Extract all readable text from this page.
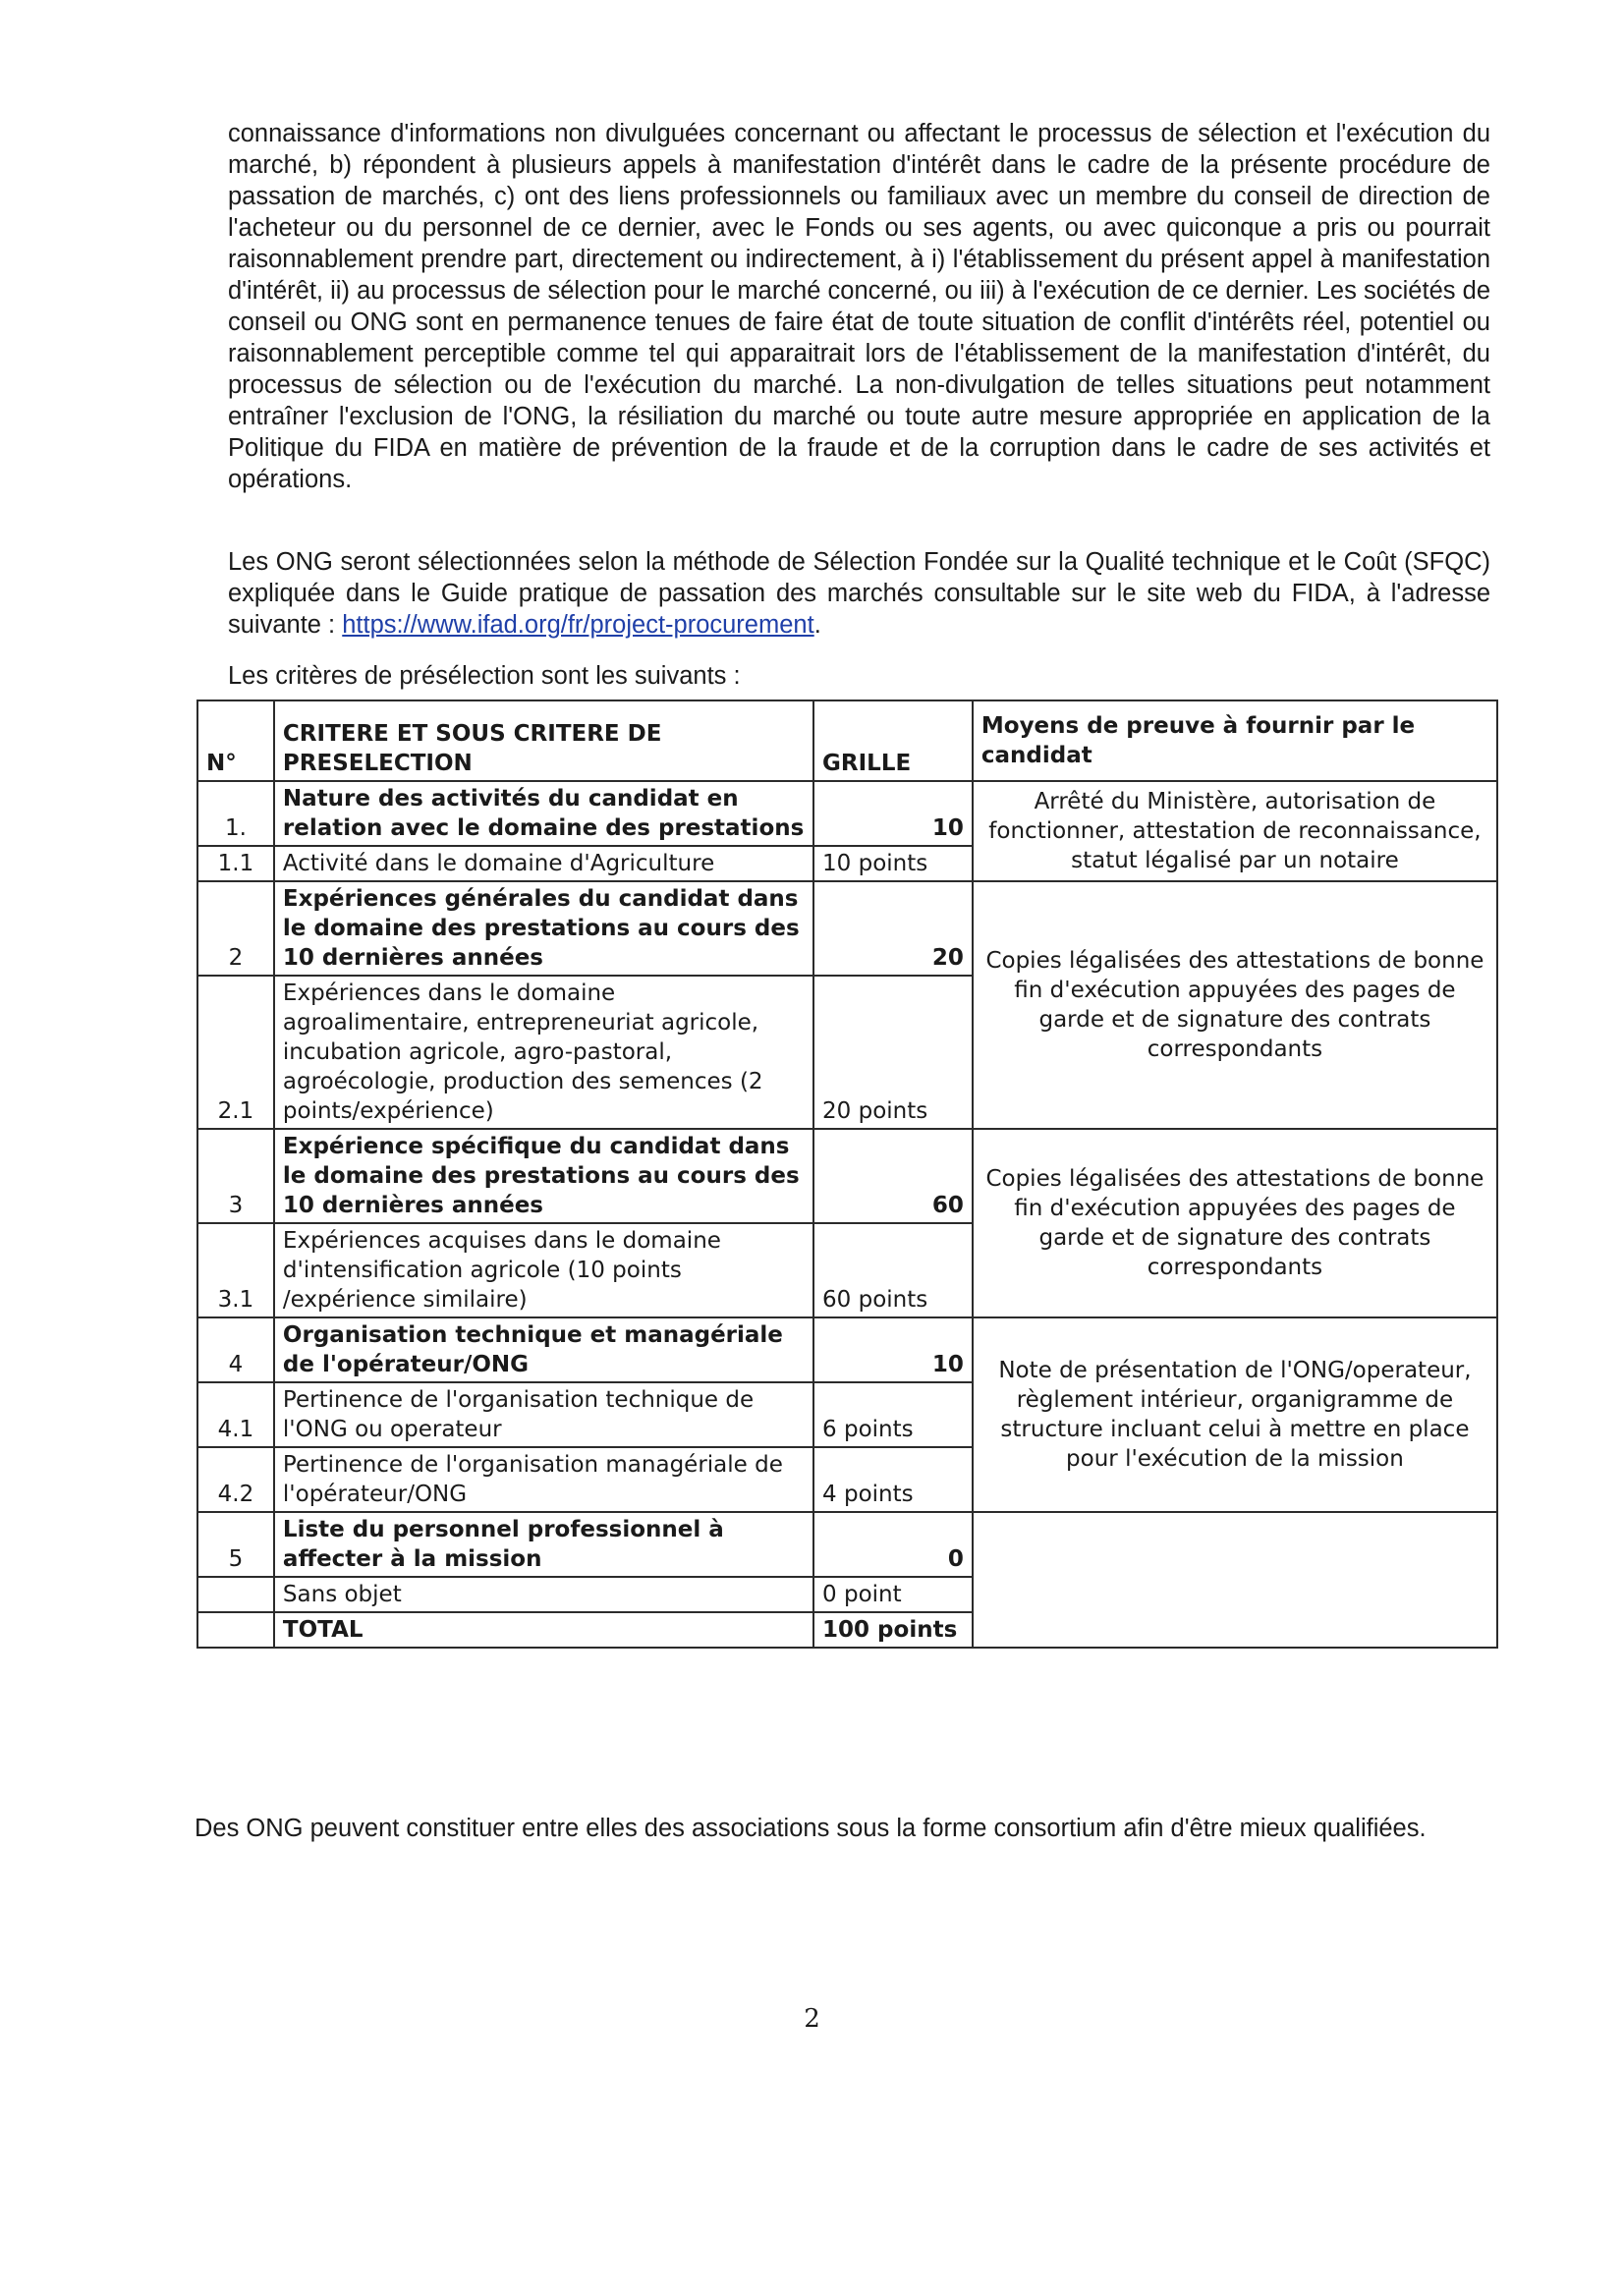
connaissance d'informations non divulguées concernant ou affectant le processus de sélection et l'exécution du marché, b) répondent à plusieurs appels à manifestation d'intérêt dans le cadre de la présente procédure de passation de marchés, c) ont des liens professionnels ou familiaux avec un membre du conseil de direction de l'acheteur ou du personnel de ce dernier, avec le Fonds ou ses agents, ou avec quiconque a pris ou pourrait raisonnablement prendre part, directement ou indirectement, à i) l'établissement du présent appel à manifestation d'intérêt, ii) au processus de sélection pour le marché concerné, ou iii) à l'exécution de ce dernier. Les sociétés de conseil ou ONG sont en permanence tenues de faire état de toute situation de conflit d'intérêts réel, potentiel ou raisonnablement perceptible comme tel qui apparaitrait lors de l'établissement de la manifestation d'intérêt, du processus de sélection ou de l'exécution du marché. La non-divulgation de telles situations peut notamment entraîner l'exclusion de l'ONG, la résiliation du marché ou toute autre mesure appropriée en application de la Politique du FIDA en matière de prévention de la fraude et de la corruption dans le cadre de ses activités et opérations.

Les ONG seront sélectionnées selon la méthode de Sélection Fondée sur la Qualité technique et le Coût (SFQC) expliquée dans le Guide pratique de passation des marchés consultable sur le site web du FIDA, à l'adresse suivante : https://www.ifad.org/fr/project-procurement.

Les critères de présélection sont les suivants :

N°	CRITERE ET SOUS CRITERE DE PRESELECTION	GRILLE	Moyens de preuve à fournir par le candidat
1.	Nature des activités du candidat en relation avec le domaine des prestations	10	Arrêté du Ministère, autorisation de fonctionner, attestation de reconnaissance, statut légalisé par un notaire
1.1	Activité dans le domaine d'Agriculture	10 points	
2	Expériences générales du candidat dans le domaine des prestations au cours des 10 dernières années	20	Copies légalisées des attestations de bonne fin d'exécution appuyées des pages de garde et de signature des contrats correspondants
2.1	Expériences dans le domaine agroalimentaire, entrepreneuriat agricole, incubation agricole, agro-pastoral, agroécologie, production des semences (2 points/expérience)	20 points	
3	Expérience spécifique du candidat dans le domaine des prestations au cours des 10 dernières années	60	Copies légalisées des attestations de bonne fin d'exécution appuyées des pages de garde et de signature des contrats correspondants
3.1	Expériences acquises dans le domaine d'intensification agricole (10 points /expérience similaire)	60 points	
4	Organisation technique et managériale de l'opérateur/ONG	10	Note de présentation de l'ONG/operateur, règlement intérieur, organigramme de structure incluant celui à mettre en place pour l'exécution de la mission
4.1	Pertinence de l'organisation technique de l'ONG ou operateur	6 points	
4.2	Pertinence de l'organisation managériale de l'opérateur/ONG	4 points	
5	Liste du personnel professionnel à affecter à la mission	0	
	Sans objet	0 point	
	TOTAL	100 points	

Des ONG peuvent constituer entre elles des associations sous la forme consortium afin d'être mieux qualifiées.

2
